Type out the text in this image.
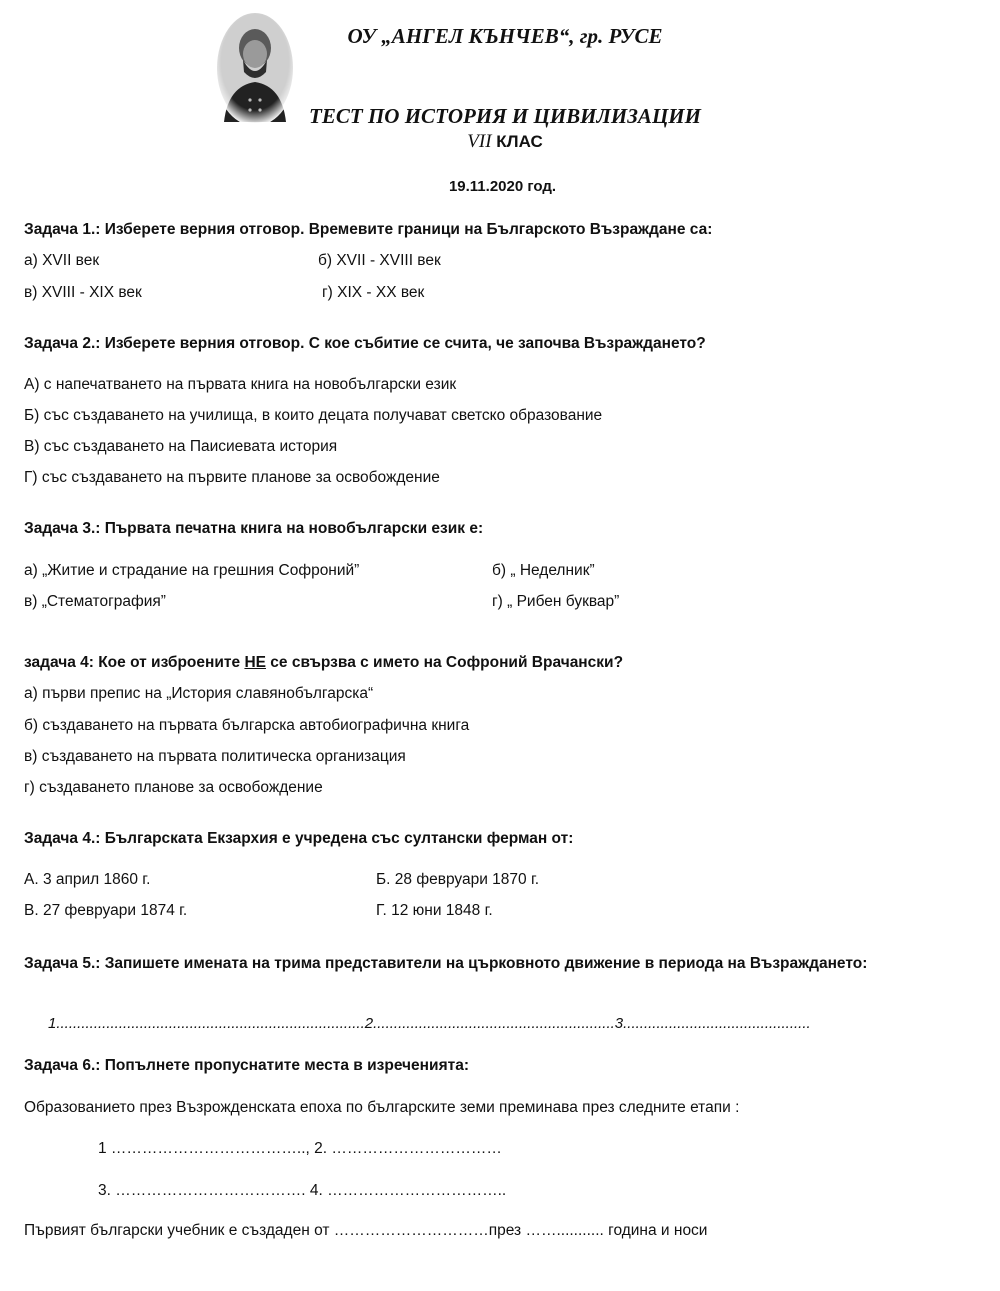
ОУ „АНГЕЛ КЪНЧЕВ“, гр. РУСЕ
ТЕСТ ПО ИСТОРИЯ И ЦИВИЛИЗАЦИИ
VII КЛАС
19.11.2020 год.
Задача 1.: Изберете верния отговор. Времевите граници на Българското Възраждане са:
а) XVII век	б) XVII - XVIII век
в) XVIII - XIX век	г) XIX - XX век
Задача 2.: Изберете верния отговор. С кое събитие се счита, че започва Възраждането?
А) с напечатването на първата книга на новобългарски език
Б) със създаването на училища, в които децата получават светско образование
В) със създаването на Паисиевата история
Г) със създаването на първите планове за освобождение
Задача 3.: Първата печатна книга на новобългарски език е:
а) „Житие и страдание на грешния Софроний”	б) „ Неделник”
в) „Стематография”	г) „ Рибен буквар”
задача 4: Кое от изброените НЕ се свързва с името на Софроний Врачански?
а) първи препис на „История славянобългарска“
б) създаването на първата българска автобиографична книга
в) създаването на първата политическа организация
г) създаването планове за освобождение
Задача 4.: Българската Екзархия е учредена със султански ферман от:
А. 3 април 1860 г.	Б. 28 февруари 1870 г.
В. 27 февруари 1874 г.	Г. 12 юни 1848 г.
Задача 5.: Запишете имената на трима представители на църковното движение в периода на Възраждането:
1..........................................................................2..........................................................3.............................................
Задача 6.: Попълнете пропуснатите места в изреченията:
Образованието през Възрожденската епоха по българските земи преминава през следните етапи :
1 ……………………………….., 2. ……………………………
3. ………………………………. 4. ……………………………..
Първият български учебник е създаден от …………………………през ……........... година и носи
